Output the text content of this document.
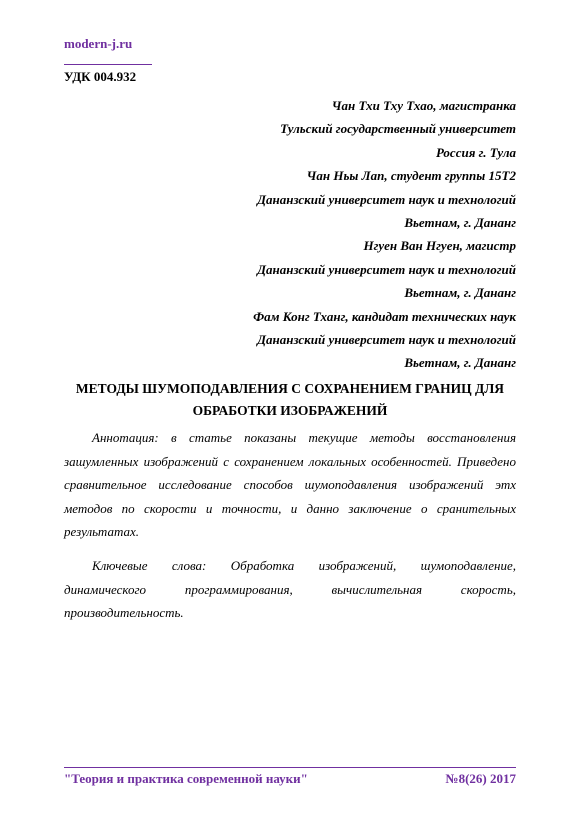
modern-j.ru
УДК 004.932
Чан Тхи Тху Тхао, магистранка
Тульский государственный университет
Россия г. Тула
Чан Ньы Лап, студент группы 15Т2
Дананзский университет наук и технологий
Вьетнам, г. Дананг
Нгуен Ван Нгуен, магистр
Дананзский университет наук и технологий
Вьетнам, г. Дананг
Фам Конг Тханг, кандидат технических наук
Дананзский университет наук и технологий
Вьетнам, г. Дананг
МЕТОДЫ ШУМОПОДАВЛЕНИЯ С СОХРАНЕНИЕМ ГРАНИЦ ДЛЯ ОБРАБОТКИ ИЗОБРАЖЕНИЙ

Аннотация: в статье показаны текущие методы восстановления зашумленных изображений с сохранением локальных особенностей. Приведено сравнительное исследование способов шумоподавления изображений этх методов по скорости и точности, и данно заключение о сранительных результатах.

Ключевые слова: Обработка изображений, шумоподавление, динамического программирования, вычислительная скорость, производительность.

"Теория и практика современной науки"	№8(26) 2017
